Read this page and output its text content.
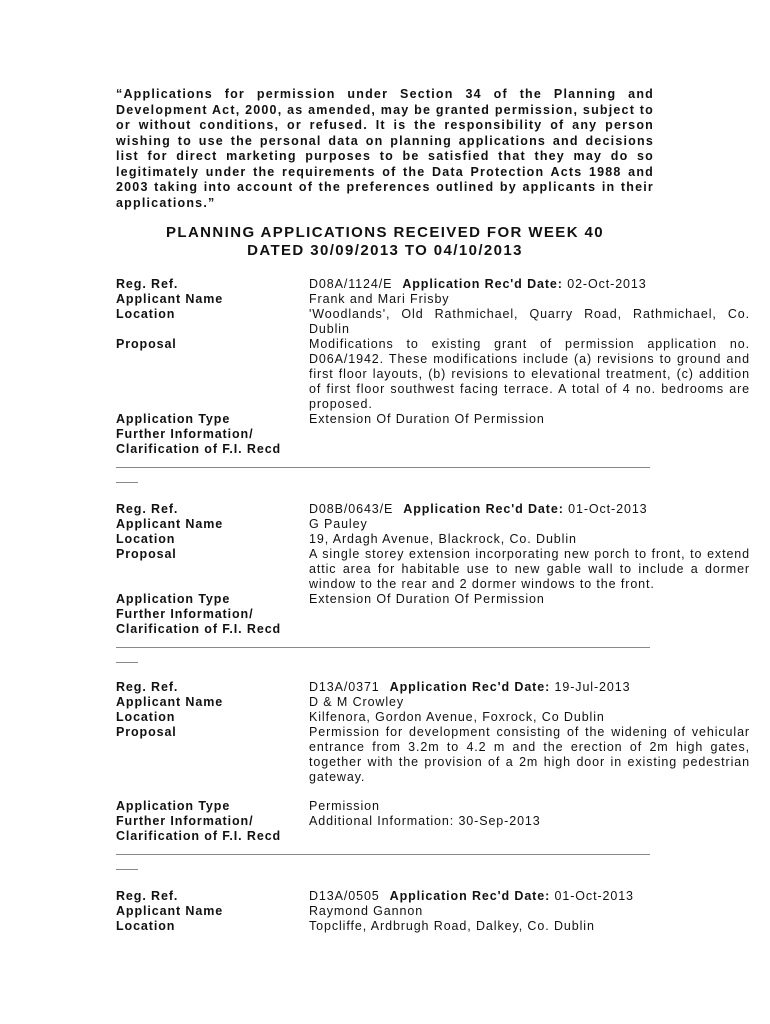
“Applications for permission under Section 34 of the Planning and Development Act, 2000, as amended, may be granted permission, subject to or without conditions, or refused. It is the responsibility of any person wishing to use the personal data on planning applications and decisions list for direct marketing purposes to be satisfied that they may do so legitimately under the requirements of the Data Protection Acts 1988 and 2003 taking into account of the preferences outlined by applicants in their applications.”
PLANNING APPLICATIONS RECEIVED FOR WEEK 40
DATED 30/09/2013 TO 04/10/2013
Reg. Ref.	D08A/1124/E Application Rec'd Date: 02-Oct-2013
Applicant Name	Frank and Mari Frisby
Location	'Woodlands', Old Rathmichael, Quarry Road, Rathmichael, Co. Dublin
Proposal	Modifications to existing grant of permission application no. D06A/1942. These modifications include (a) revisions to ground and first floor layouts, (b) revisions to elevational treatment, (c) addition of first floor southwest facing terrace. A total of 4 no. bedrooms are proposed.
Application Type	Extension Of Duration Of Permission
Further Information/
Clarification of F.I. Recd
Reg. Ref.	D08B/0643/E Application Rec'd Date: 01-Oct-2013
Applicant Name	G Pauley
Location	19, Ardagh Avenue, Blackrock, Co. Dublin
Proposal	A single storey extension incorporating new porch to front, to extend attic area for habitable use to new gable wall to include a dormer window to the rear and 2 dormer windows to the front.
Application Type	Extension Of Duration Of Permission
Further Information/
Clarification of F.I. Recd
Reg. Ref.	D13A/0371 Application Rec'd Date: 19-Jul-2013
Applicant Name	D & M Crowley
Location	Kilfenora, Gordon Avenue, Foxrock, Co Dublin
Proposal	Permission for development consisting of the widening of vehicular entrance from 3.2m to 4.2 m and the erection of 2m high gates, together with the provision of a 2m high door in existing pedestrian gateway.
Application Type	Permission
Further Information/	Additional Information: 30-Sep-2013
Clarification of F.I. Recd
Reg. Ref.	D13A/0505 Application Rec'd Date: 01-Oct-2013
Applicant Name	Raymond Gannon
Location	Topcliffe, Ardbrugh Road, Dalkey, Co. Dublin
